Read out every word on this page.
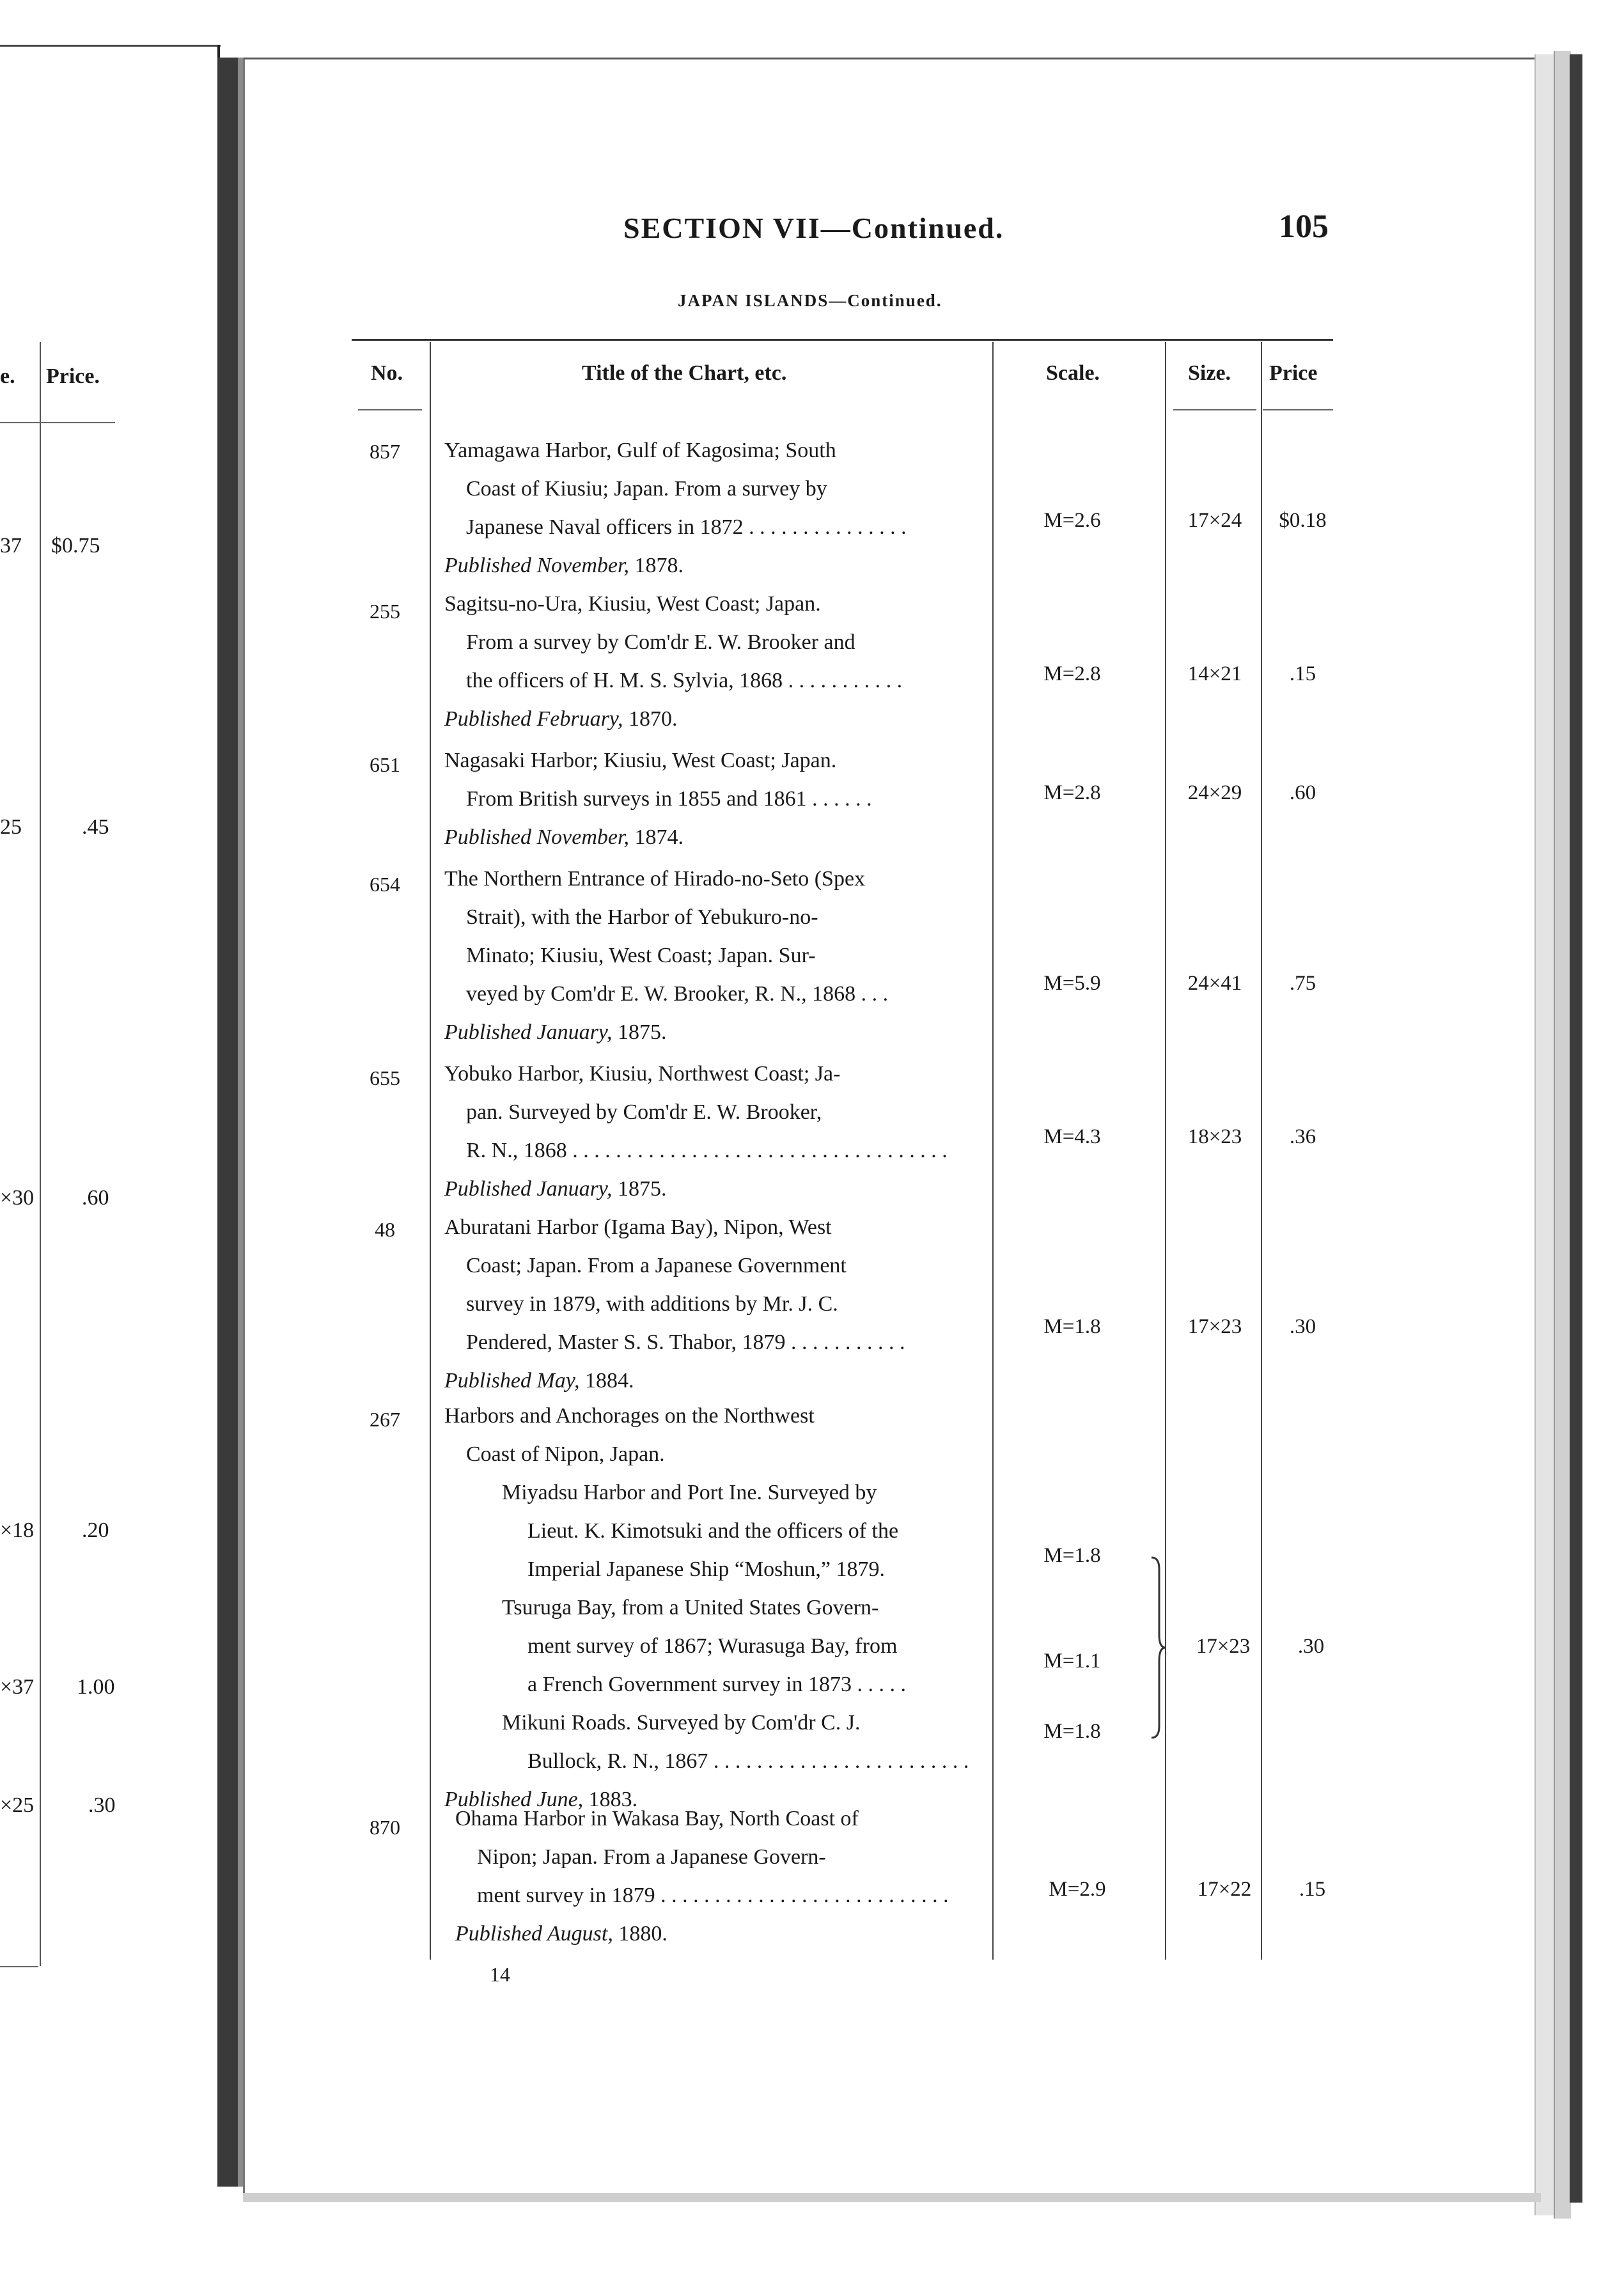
e. Price.
37 $0.75
25	.45
×30 .60
×18 .20
×37 1.00
×25 .30
SECTION VII—Continued.	105
JAPAN ISLANDS—Continued.
No.	Title of the Chart, etc.	Scale.	Size. Price
857	Yamagawa Harbor, Gulf of Kagosima; South
Coast of Kiusiu; Japan. From a survey by
Japanese Naval officers in 1872 . . . . . . . . . . . . . . .
Published November, 1878.
M=2.6	17×24	$0.18
255	Sagitsu-no-Ura, Kiusiu, West Coast; Japan.
From a survey by Com'dr E. W. Brooker and
the officers of H. M. S. Sylvia, 1868 . . . . . . . . . . .
Published February, 1870.
M=2.8	14×21	.15
651	Nagasaki Harbor; Kiusiu, West Coast; Japan.
From British surveys in 1855 and 1861 . . . . . .
Published November, 1874.
M=2.8	24×29	.60
654	The Northern Entrance of Hirado-no-Seto (Spex
Strait), with the Harbor of Yebukuro-no-
Minato; Kiusiu, West Coast; Japan. Sur-
veyed by Com'dr E. W. Brooker, R. N., 1868 . . .
Published January, 1875.
M=5.9	24×41	.75
655	Yobuko Harbor, Kiusiu, Northwest Coast; Ja-
pan. Surveyed by Com'dr E. W. Brooker,
R. N., 1868 . . . . . . . . . . . . . . . . . . . . . . . . . . . . . . . . . . .
Published January, 1875.
M=4.3	18×23	.36
48	Aburatani Harbor (Igama Bay), Nipon, West
Coast; Japan. From a Japanese Government
survey in 1879, with additions by Mr. J. C.
Pendered, Master S. S. Thabor, 1879 . . . . . . . . . . .
Published May, 1884.
M=1.8	17×23	.30
267	Harbors and Anchorages on the Northwest
Coast of Nipon, Japan.
Miyadsu Harbor and Port Ine. Surveyed by
Lieut. K. Kimotsuki and the officers of the
Imperial Japanese Ship “Moshun,” 1879.
Tsuruga Bay, from a United States Govern-
ment survey of 1867; Wurasuga Bay, from
a French Government survey in 1873 . . . . .
Mikuni Roads. Surveyed by Com'dr C. J.
Bullock, R. N., 1867 . . . . . . . . . . . . . . . . . . . . . . . .
Published June, 1883.
M=1.8
M=1.1
M=1.8
17×23	.30
870	Ohama Harbor in Wakasa Bay, North Coast of
Nipon; Japan. From a Japanese Govern-
ment survey in 1879 . . . . . . . . . . . . . . . . . . . . . . . . . . .
Published August, 1880.
M=2.9	17×22	.15
14
